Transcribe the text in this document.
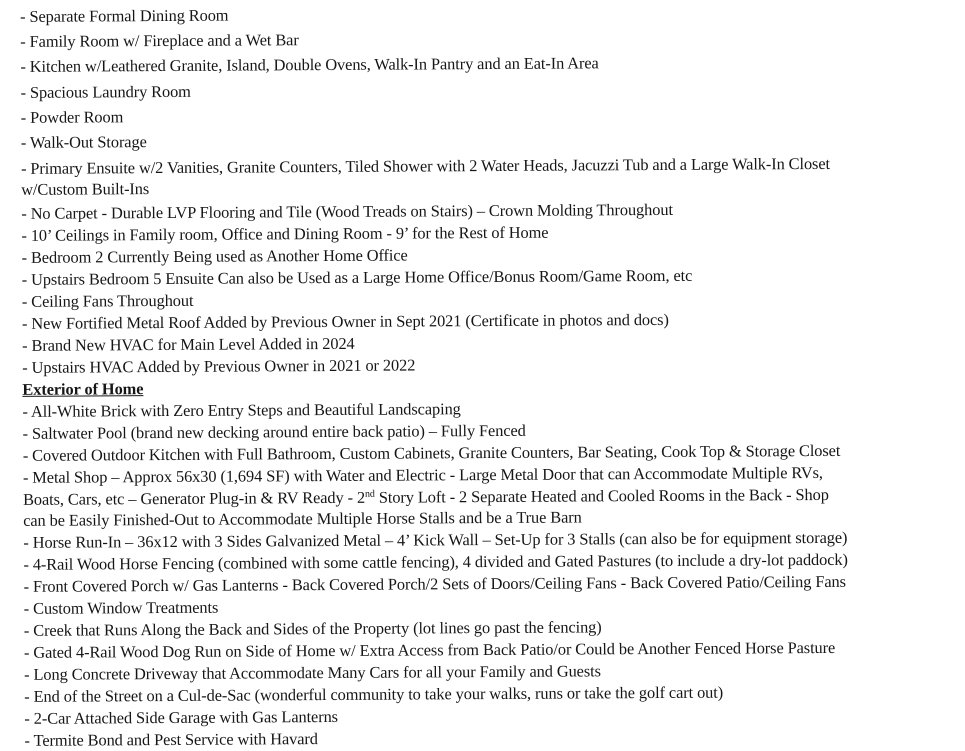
- Separate Formal Dining Room
- Family Room w/ Fireplace and a Wet Bar
- Kitchen w/Leathered Granite, Island, Double Ovens, Walk-In Pantry and an Eat-In Area
- Spacious Laundry Room
- Powder Room
- Walk-Out Storage
- Primary Ensuite w/2 Vanities, Granite Counters, Tiled Shower with 2 Water Heads, Jacuzzi Tub and a Large Walk-In Closet
w/Custom Built-Ins
- No Carpet - Durable LVP Flooring and Tile (Wood Treads on Stairs) – Crown Molding Throughout
- 10’ Ceilings in Family room, Office and Dining Room - 9’ for the Rest of Home
- Bedroom 2 Currently Being used as Another Home Office
- Upstairs Bedroom 5 Ensuite Can also be Used as a Large Home Office/Bonus Room/Game Room, etc
- Ceiling Fans Throughout
- New Fortified Metal Roof Added by Previous Owner in Sept 2021 (Certificate in photos and docs)
- Brand New HVAC for Main Level Added in 2024
- Upstairs HVAC Added by Previous Owner in 2021 or 2022
Exterior of Home
- All-White Brick with Zero Entry Steps and Beautiful Landscaping
- Saltwater Pool (brand new decking around entire back patio) – Fully Fenced
- Covered Outdoor Kitchen with Full Bathroom, Custom Cabinets, Granite Counters, Bar Seating, Cook Top & Storage Closet
- Metal Shop – Approx 56x30 (1,694 SF) with Water and Electric - Large Metal Door that can Accommodate Multiple RVs,
Boats, Cars, etc – Generator Plug-in & RV Ready - 2nd Story Loft - 2 Separate Heated and Cooled Rooms in the Back - Shop
can be Easily Finished-Out to Accommodate Multiple Horse Stalls and be a True Barn
- Horse Run-In – 36x12 with 3 Sides Galvanized Metal – 4’ Kick Wall – Set-Up for 3 Stalls (can also be for equipment storage)
- 4-Rail Wood Horse Fencing (combined with some cattle fencing), 4 divided and Gated Pastures (to include a dry-lot paddock)
- Front Covered Porch w/ Gas Lanterns - Back Covered Porch/2 Sets of Doors/Ceiling Fans - Back Covered Patio/Ceiling Fans
- Custom Window Treatments
- Creek that Runs Along the Back and Sides of the Property (lot lines go past the fencing)
- Gated 4-Rail Wood Dog Run on Side of Home w/ Extra Access from Back Patio/or Could be Another Fenced Horse Pasture
- Long Concrete Driveway that Accommodate Many Cars for all your Family and Guests
- End of the Street on a Cul-de-Sac (wonderful community to take your walks, runs or take the golf cart out)
- 2-Car Attached Side Garage with Gas Lanterns
- Termite Bond and Pest Service with Havard
